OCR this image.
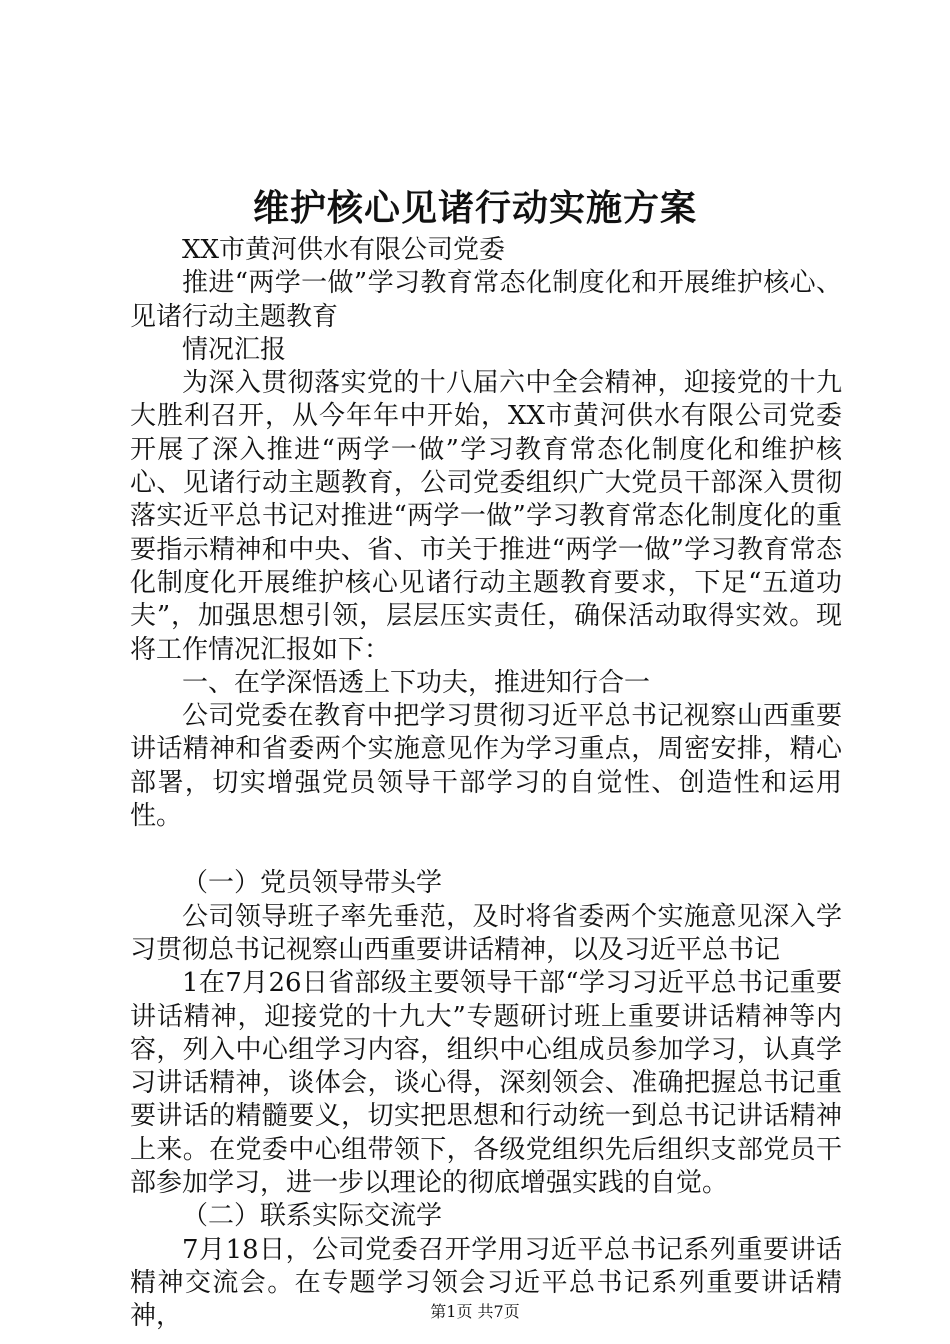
维护核心见诸行动实施方案

XX市黄河供水有限公司党委

推进“两学一做”学习教育常态化制度化和开展维护核心、见诸行动主题教育

情况汇报

为深入贯彻落实党的十八届六中全会精神，迎接党的十九大胜利召开，从今年年中开始，XX市黄河供水有限公司党委开展了深入推进“两学一做”学习教育常态化制度化和维护核心、见诸行动主题教育，公司党委组织广大党员干部深入贯彻落实近平总书记对推进“两学一做”学习教育常态化制度化的重要指示精神和中央、省、市关于推进“两学一做”学习教育常态化制度化开展维护核心见诸行动主题教育要求，下足“五道功夫”，加强思想引领，层层压实责任，确保活动取得实效。现将工作情况汇报如下：

一、在学深悟透上下功夫，推进知行合一

公司党委在教育中把学习贯彻习近平总书记视察山西重要讲话精神和省委两个实施意见作为学习重点，周密安排，精心部署，切实增强党员领导干部学习的自觉性、创造性和运用性。

（一）党员领导带头学

公司领导班子率先垂范，及时将省委两个实施意见深入学习贯彻总书记视察山西重要讲话精神，以及习近平总书记

1在7月26日省部级主要领导干部“学习习近平总书记重要讲话精神，迎接党的十九大”专题研讨班上重要讲话精神等内容，列入中心组学习内容，组织中心组成员参加学习，认真学习讲话精神，谈体会，谈心得，深刻领会、准确把握总书记重要讲话的精髓要义，切实把思想和行动统一到总书记讲话精神上来。在党委中心组带领下，各级党组织先后组织支部党员干部参加学习，进一步以理论的彻底增强实践的自觉。

（二）联系实际交流学

7月18日，公司党委召开学用习近平总书记系列重要讲话精神交流会。在专题学习领会习近平总书记系列重要讲话精神，	第1页 共7页
